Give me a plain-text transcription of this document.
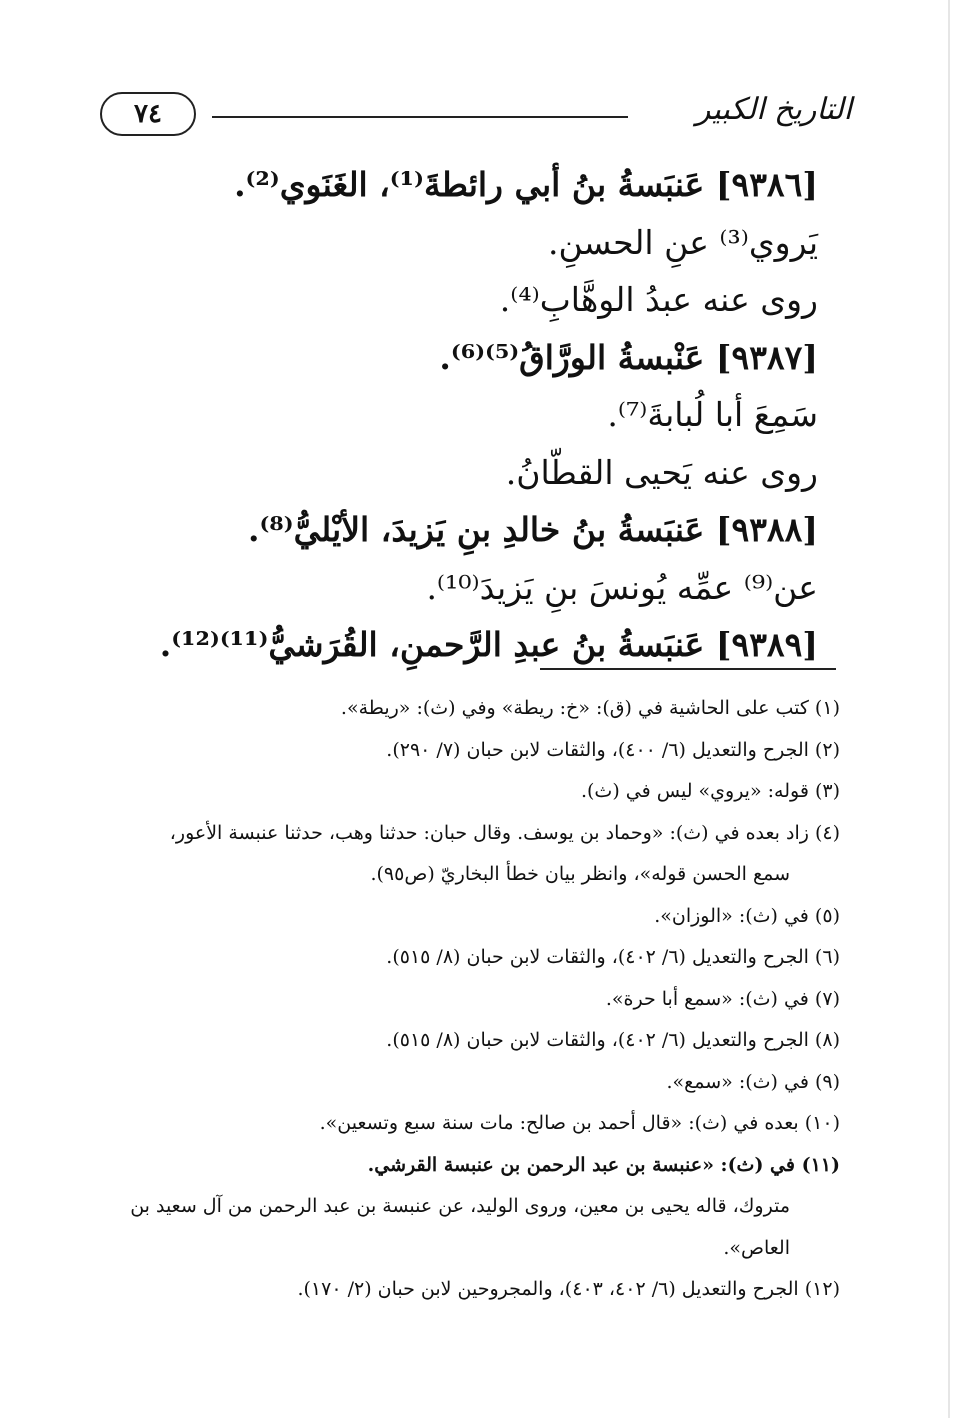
٧٤	التاريخ الكبير
[٩٣٨٦] عَنبَسةُ بنُ أبي رائطةَ⁽¹⁾، الغَنَوي⁽²⁾.
يَروي⁽³⁾ عنِ الحسنِ.
روى عنه عبدُ الوهَّابِ⁽⁴⁾.
[٩٣٨٧] عَنْبسةُ الورَّاقُ⁽⁵⁾⁽⁶⁾.
سَمِعَ أبا لُبابةَ⁽⁷⁾.
روى عنه يَحيى القطّانُ.
[٩٣٨٨] عَنبَسةُ بنُ خالدِ بنِ يَزيدَ، الأيْليُّ⁽⁸⁾.
عن⁽⁹⁾ عمِّه يُونسَ بنِ يَزيدَ⁽¹⁰⁾.
[٩٣٨٩] عَنبَسةُ بنُ عبدِ الرَّحمنِ، القُرَشيُّ⁽¹¹⁾⁽¹²⁾.
(١) كتب على الحاشية في (ق): «خ: ريطة» وفي (ث): «ريطة».
(٢) الجرح والتعديل (٦/ ٤٠٠)، والثقات لابن حبان (٧/ ٢٩٠).
(٣) قوله: «يروي» ليس في (ث).
(٤) زاد بعده في (ث): «وحماد بن يوسف. وقال حبان: حدثنا وهب، حدثنا عنبسة الأعور،
سمع الحسن قوله»، وانظر بيان خطأ البخاريّ (ص٩٥).
(٥) في (ث): «الوزان».
(٦) الجرح والتعديل (٦/ ٤٠٢)، والثقات لابن حبان (٨/ ٥١٥).
(٧) في (ث): «سمع أبا حرة».
(٨) الجرح والتعديل (٦/ ٤٠٢)، والثقات لابن حبان (٨/ ٥١٥).
(٩) في (ث): «سمع».
(١٠) بعده في (ث): «قال أحمد بن صالح: مات سنة سبع وتسعين».
(١١) في (ث): «عنبسة بن عبد الرحمن بن عنبسة القرشي.
متروك، قاله يحيى بن معين، وروى الوليد، عن عنبسة بن عبد الرحمن من آل سعيد بن
العاص».
(١٢) الجرح والتعديل (٦/ ٤٠٢، ٤٠٣)، والمجروحين لابن حبان (٢/ ١٧٠).
